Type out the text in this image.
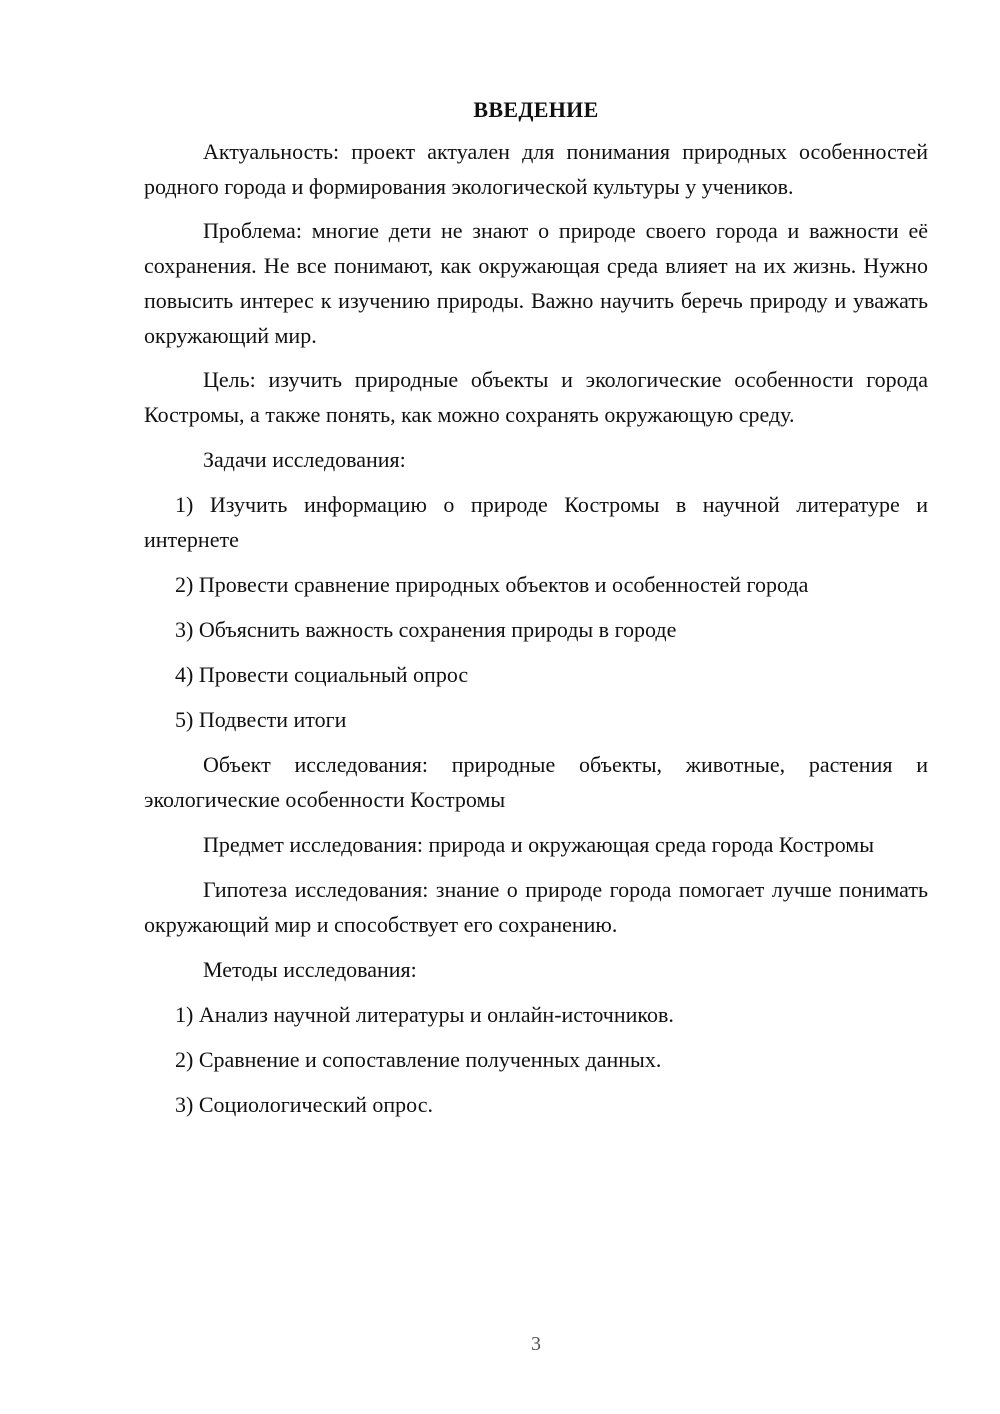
ВВЕДЕНИЕ

Актуальность: проект актуален для понимания природных особенностей родного города и формирования экологической культуры у учеников.

Проблема: многие дети не знают о природе своего города и важности её сохранения. Не все понимают, как окружающая среда влияет на их жизнь. Нужно повысить интерес к изучению природы. Важно научить беречь природу и уважать окружающий мир.

Цель: изучить природные объекты и экологические особенности города Костромы, а также понять, как можно сохранять окружающую среду.

Задачи исследования:

1) Изучить информацию о природе Костромы в научной литературе и интернете

2) Провести сравнение природных объектов и особенностей города

3) Объяснить важность сохранения природы в городе

4) Провести социальный опрос

5) Подвести итоги

Объект исследования: природные объекты, животные, растения и экологические особенности Костромы

Предмет исследования: природа и окружающая среда города Костромы

Гипотеза исследования: знание о природе города помогает лучше понимать окружающий мир и способствует его сохранению.

Методы исследования:

1) Анализ научной литературы и онлайн-источников.

2) Сравнение и сопоставление полученных данных.

3) Социологический опрос.

3
